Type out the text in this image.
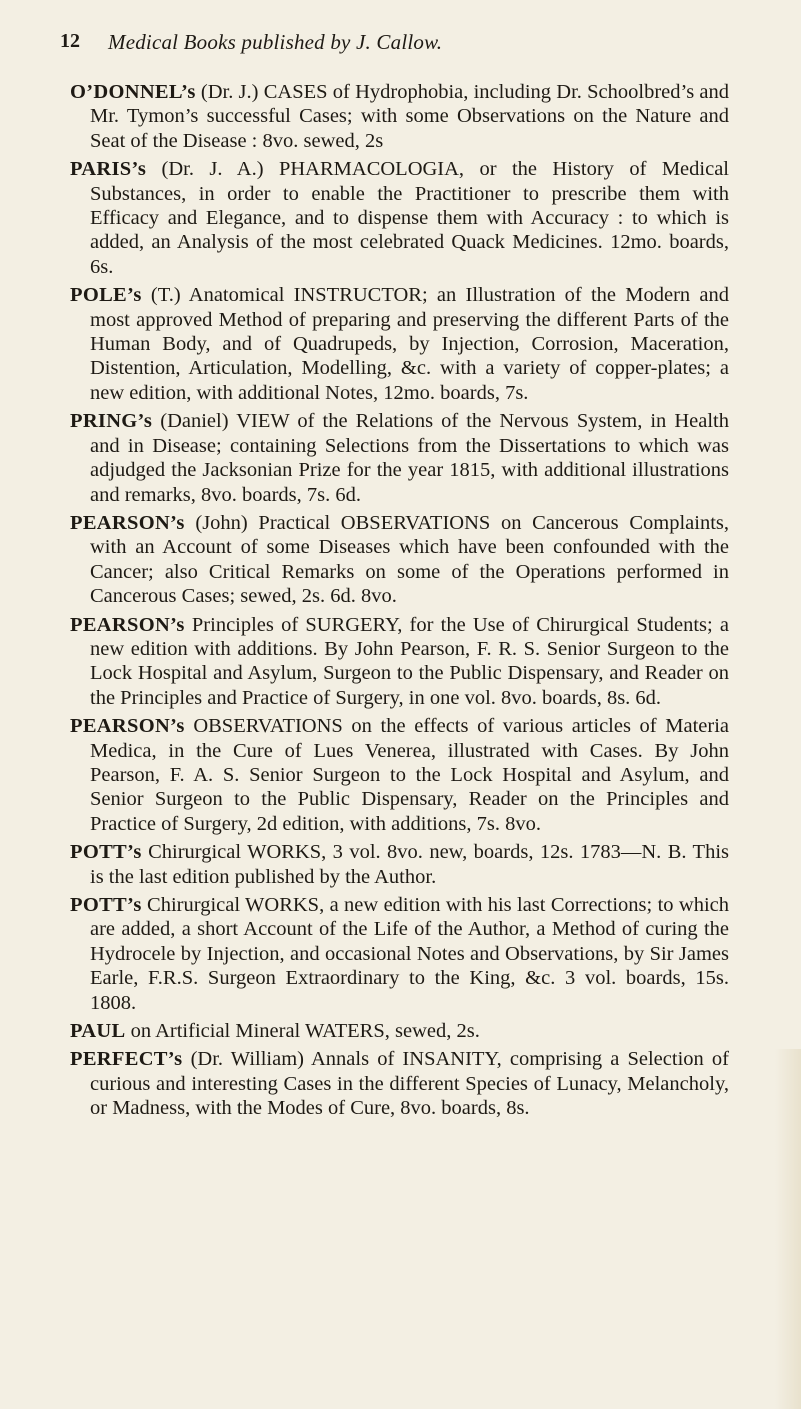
12 Medical Books published by J. Callow.

O’DONNEL’s (Dr. J.) CASES of Hydrophobia, including Dr. Schoolbred’s and Mr. Tymon’s successful Cases; with some Observations on the Nature and Seat of the Disease : 8vo. sewed, 2s

PARIS’s (Dr. J. A.) PHARMACOLOGIA, or the History of Medical Substances, in order to enable the Practitioner to prescribe them with Efficacy and Elegance, and to dispense them with Accuracy : to which is added, an Analysis of the most celebrated Quack Medicines. 12mo. boards, 6s.

POLE’s (T.) Anatomical INSTRUCTOR; an Illustration of the Modern and most approved Method of preparing and preserving the different Parts of the Human Body, and of Quadrupeds, by Injection, Corrosion, Maceration, Distention, Articulation, Modelling, &c. with a variety of copper-plates; a new edition, with additional Notes, 12mo. boards, 7s.

PRING’s (Daniel) VIEW of the Relations of the Nervous System, in Health and in Disease; containing Selections from the Dissertations to which was adjudged the Jacksonian Prize for the year 1815, with additional illustrations and remarks, 8vo. boards, 7s. 6d.

PEARSON’s (John) Practical OBSERVATIONS on Cancerous Complaints, with an Account of some Diseases which have been confounded with the Cancer; also Critical Remarks on some of the Operations performed in Cancerous Cases; sewed, 2s. 6d. 8vo.

PEARSON’s Principles of SURGERY, for the Use of Chirurgical Students; a new edition with additions. By John Pearson, F. R. S. Senior Surgeon to the Lock Hospital and Asylum, Surgeon to the Public Dispensary, and Reader on the Principles and Practice of Surgery, in one vol. 8vo. boards, 8s. 6d.

PEARSON’s OBSERVATIONS on the effects of various articles of Materia Medica, in the Cure of Lues Venerea, illustrated with Cases. By John Pearson, F. A. S. Senior Surgeon to the Lock Hospital and Asylum, and Senior Surgeon to the Public Dispensary, Reader on the Principles and Practice of Surgery, 2d edition, with additions, 7s. 8vo.

POTT’s Chirurgical WORKS, 3 vol. 8vo. new, boards, 12s. 1783—N. B. This is the last edition published by the Author.

POTT’s Chirurgical WORKS, a new edition with his last Corrections; to which are added, a short Account of the Life of the Author, a Method of curing the Hydrocele by Injection, and occasional Notes and Observations, by Sir James Earle, F.R.S. Surgeon Extraordinary to the King, &c. 3 vol. boards, 15s. 1808.

PAUL on Artificial Mineral WATERS, sewed, 2s.

PERFECT’s (Dr. William) Annals of INSANITY, comprising a Selection of curious and interesting Cases in the different Species of Lunacy, Melancholy, or Madness, with the Modes of Cure, 8vo. boards, 8s.
